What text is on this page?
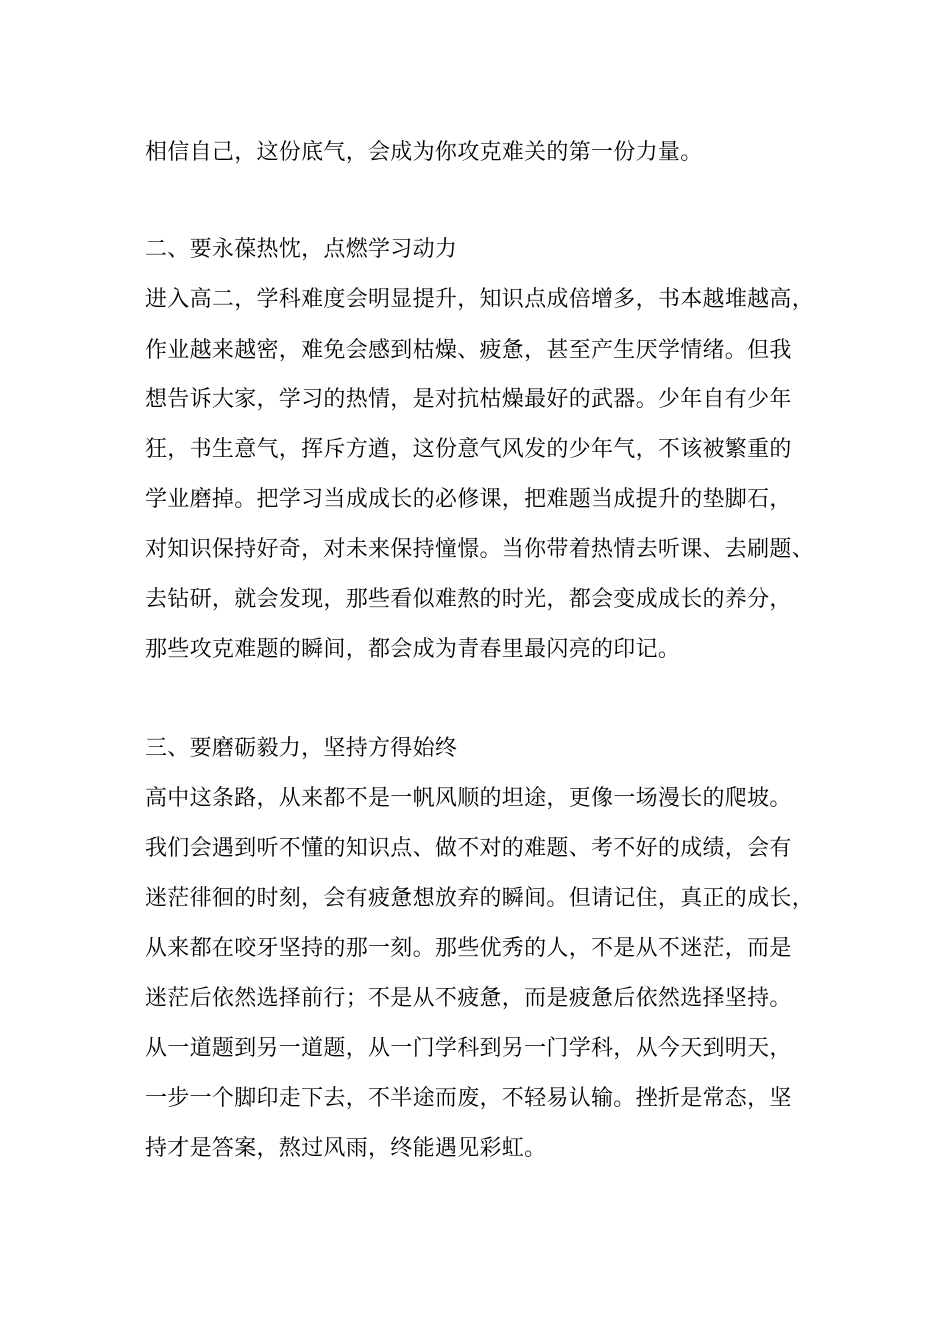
相信自己，这份底气，会成为你攻克难关的第一份力量。
二、要永葆热忱，点燃学习动力
进入高二，学科难度会明显提升，知识点成倍增多，书本越堆越高，
作业越来越密，难免会感到枯燥、疲惫，甚至产生厌学情绪。但我
想告诉大家，学习的热情，是对抗枯燥最好的武器。少年自有少年
狂，书生意气，挥斥方遒，这份意气风发的少年气，不该被繁重的
学业磨掉。把学习当成成长的必修课，把难题当成提升的垫脚石，
对知识保持好奇，对未来保持憧憬。当你带着热情去听课、去刷题、
去钻研，就会发现，那些看似难熬的时光，都会变成成长的养分，
那些攻克难题的瞬间，都会成为青春里最闪亮的印记。
三、要磨砺毅力，坚持方得始终
高中这条路，从来都不是一帆风顺的坦途，更像一场漫长的爬坡。
我们会遇到听不懂的知识点、做不对的难题、考不好的成绩，会有
迷茫徘徊的时刻，会有疲惫想放弃的瞬间。但请记住，真正的成长，
从来都在咬牙坚持的那一刻。那些优秀的人，不是从不迷茫，而是
迷茫后依然选择前行；不是从不疲惫，而是疲惫后依然选择坚持。
从一道题到另一道题，从一门学科到另一门学科，从今天到明天，
一步一个脚印走下去，不半途而废，不轻易认输。挫折是常态，坚
持才是答案，熬过风雨，终能遇见彩虹。
